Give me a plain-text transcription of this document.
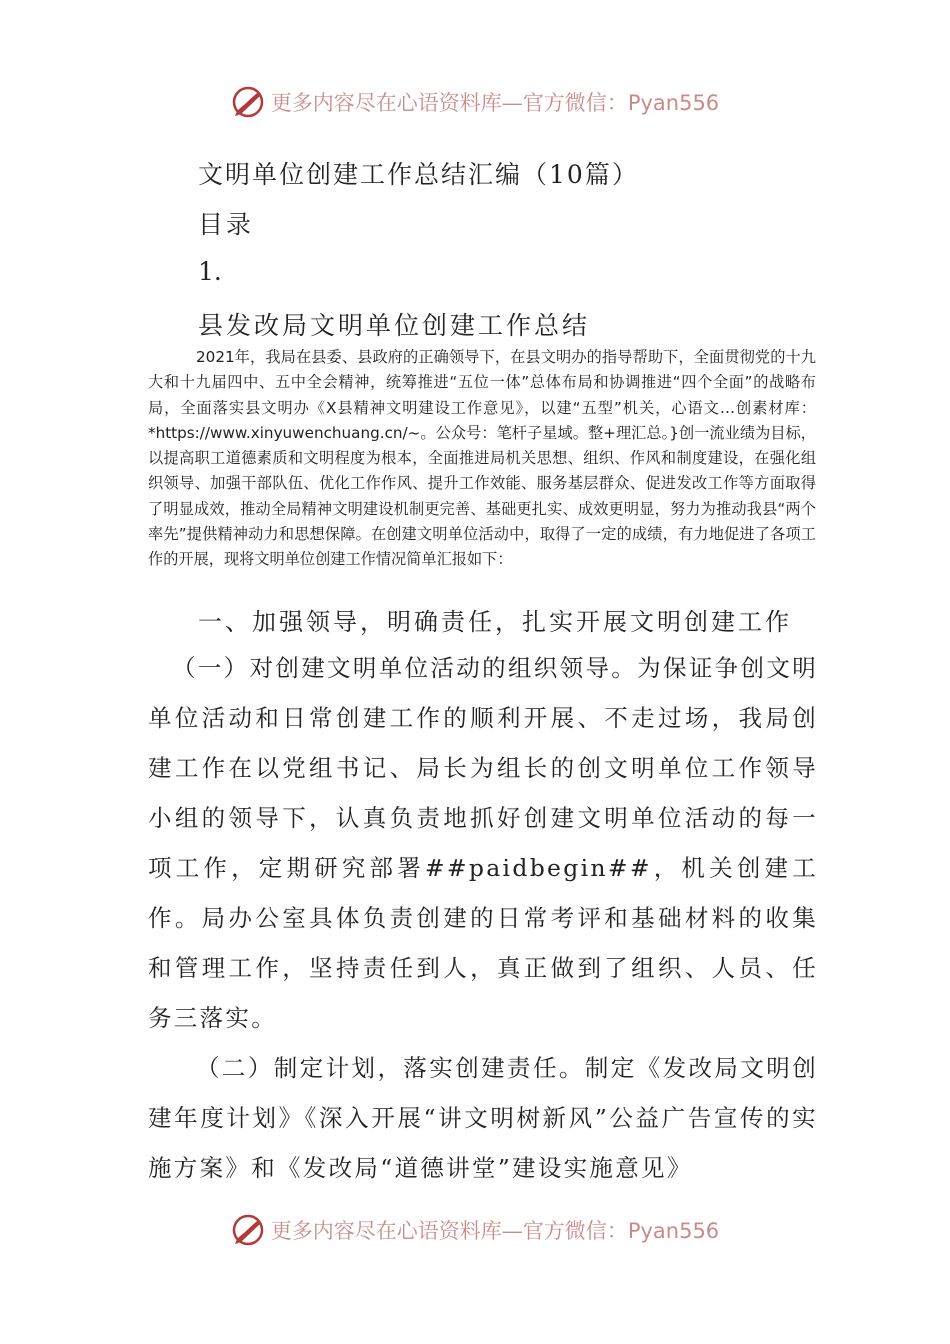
更多内容尽在心语资料库—官方微信：Pyan556
文明单位创建工作总结汇编（10篇）
目录
1.
县发改局文明单位创建工作总结

2021年，我局在县委、县政府的正确领导下，在县文明办的指导帮助下，全面贯彻党的十九大和十九届四中、五中全会精神，统筹推进“五位一体”总体布局和协调推进“四个全面”的战略布局，全面落实县文明办《X县精神文明建设工作意见》，以建“五型”机关，心语文…创素材库：*https://www.xinyuwenchuang.cn/~。公众号：笔杆子星域。整+理汇总。}创一流业绩为目标，以提高职工道德素质和文明程度为根本，全面推进局机关思想、组织、作风和制度建设，在强化组织领导、加强干部队伍、优化工作作风、提升工作效能、服务基层群众、促进发改工作等方面取得了明显成效，推动全局精神文明建设机制更完善、基础更扎实、成效更明显，努力为推动我县“两个率先”提供精神动力和思想保障。在创建文明单位活动中，取得了一定的成绩，有力地促进了各项工作的开展，现将文明单位创建工作情况简单汇报如下：

一、加强领导，明确责任，扎实开展文明创建工作

（一）对创建文明单位活动的组织领导。为保证争创文明单位活动和日常创建工作的顺利开展、不走过场，我局创建工作在以党组书记、局长为组长的创文明单位工作领导小组的领导下，认真负责地抓好创建文明单位活动的每一项工作，定期研究部署##paidbegin##，机关创建工作。局办公室具体负责创建的日常考评和基础材料的收集和管理工作，坚持责任到人，真正做到了组织、人员、任务三落实。

（二）制定计划，落实创建责任。制定《发改局文明创建年度计划》《深入开展“讲文明树新风”公益广告宣传的实施方案》和《发改局“道德讲堂”建设实施意见》

更多内容尽在心语资料库—官方微信：Pyan556
